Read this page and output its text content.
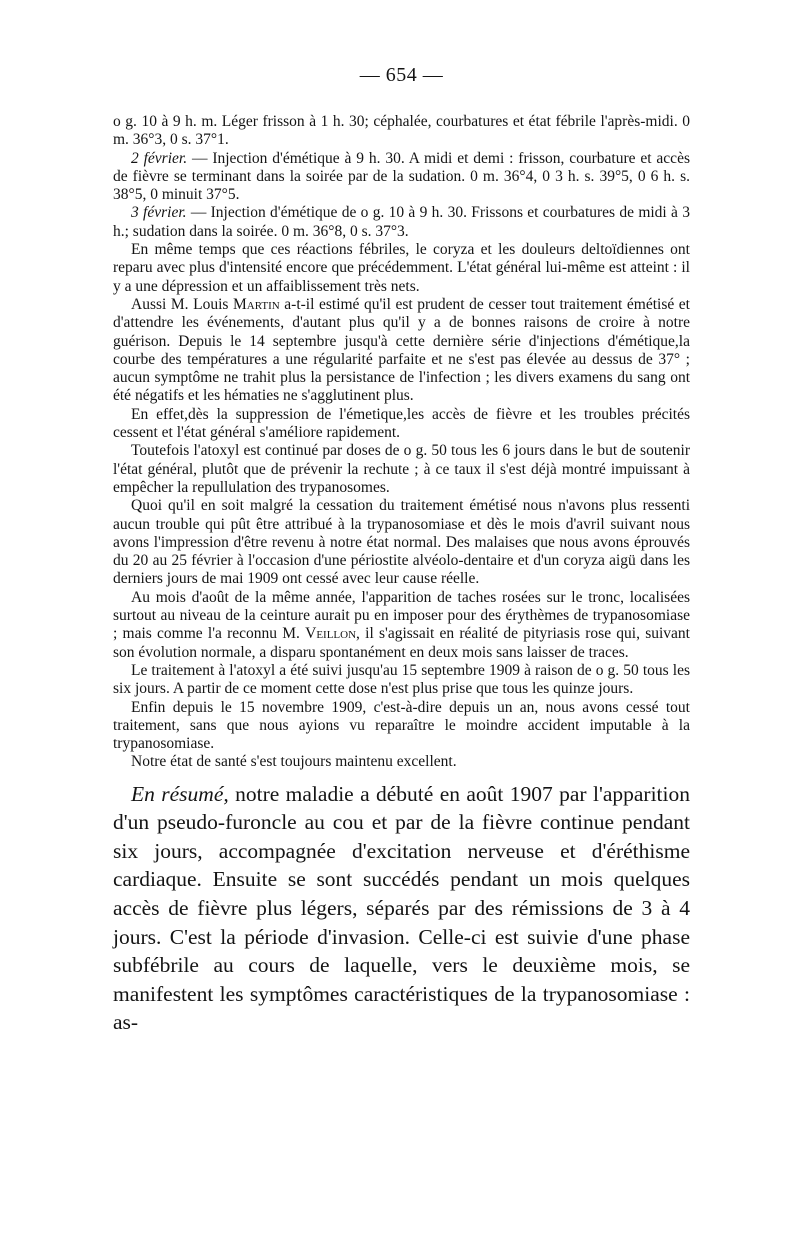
— 654 —

o g. 10 à 9 h. m. Léger frisson à 1 h. 30; céphalée, courbatures et état fébrile l'après-midi. 0 m. 36°3, 0 s. 37°1.

2 février. — Injection d'émétique à 9 h. 30. A midi et demi : frisson, courbature et accès de fièvre se terminant dans la soirée par de la sudation. 0 m. 36°4, 0 3 h. s. 39°5, 0 6 h. s. 38°5, 0 minuit 37°5.

3 février. — Injection d'émétique de o g. 10 à 9 h. 30. Frissons et courbatures de midi à 3 h.; sudation dans la soirée. 0 m. 36°8, 0 s. 37°3.

En même temps que ces réactions fébriles, le coryza et les douleurs deltoïdiennes ont reparu avec plus d'intensité encore que précédemment. L'état général lui-même est atteint : il y a une dépression et un affaiblissement très nets.

Aussi M. Louis Martin a-t-il estimé qu'il est prudent de cesser tout traitement émétisé et d'attendre les événements, d'autant plus qu'il y a de bonnes raisons de croire à notre guérison. Depuis le 14 septembre jusqu'à cette dernière série d'injections d'émétique,la courbe des températures a une régularité parfaite et ne s'est pas élevée au dessus de 37° ; aucun symptôme ne trahit plus la persistance de l'infection ; les divers examens du sang ont été négatifs et les hématies ne s'agglutinent plus.

En effet,dès la suppression de l'émetique,les accès de fièvre et les troubles précités cessent et l'état général s'améliore rapidement.

Toutefois l'atoxyl est continué par doses de o g. 50 tous les 6 jours dans le but de soutenir l'état général, plutôt que de prévenir la rechute ; à ce taux il s'est déjà montré impuissant à empêcher la repullulation des trypanosomes.

Quoi qu'il en soit malgré la cessation du traitement émétisé nous n'avons plus ressenti aucun trouble qui pût être attribué à la trypanosomiase et dès le mois d'avril suivant nous avons l'impression d'être revenu à notre état normal. Des malaises que nous avons éprouvés du 20 au 25 février à l'occasion d'une périostite alvéolo-dentaire et d'un coryza aigü dans les derniers jours de mai 1909 ont cessé avec leur cause réelle.

Au mois d'août de la même année, l'apparition de taches rosées sur le tronc, localisées surtout au niveau de la ceinture aurait pu en imposer pour des érythèmes de trypanosomiase ; mais comme l'a reconnu M. Veillon, il s'agissait en réalité de pityriasis rose qui, suivant son évolution normale, a disparu spontanément en deux mois sans laisser de traces.

Le traitement à l'atoxyl a été suivi jusqu'au 15 septembre 1909 à raison de o g. 50 tous les six jours. A partir de ce moment cette dose n'est plus prise que tous les quinze jours.

Enfin depuis le 15 novembre 1909, c'est-à-dire depuis un an, nous avons cessé tout traitement, sans que nous ayions vu reparaître le moindre accident imputable à la trypanosomiase.

Notre état de santé s'est toujours maintenu excellent.

En résumé, notre maladie a débuté en août 1907 par l'apparition d'un pseudo-furoncle au cou et par de la fièvre continue pendant six jours, accompagnée d'excitation nerveuse et d'éréthisme cardiaque. Ensuite se sont succédés pendant un mois quelques accès de fièvre plus légers, séparés par des rémissions de 3 à 4 jours. C'est la période d'invasion. Celle-ci est suivie d'une phase subfébrile au cours de laquelle, vers le deuxième mois, se manifestent les symptômes caractéristiques de la trypanosomiase : as-
